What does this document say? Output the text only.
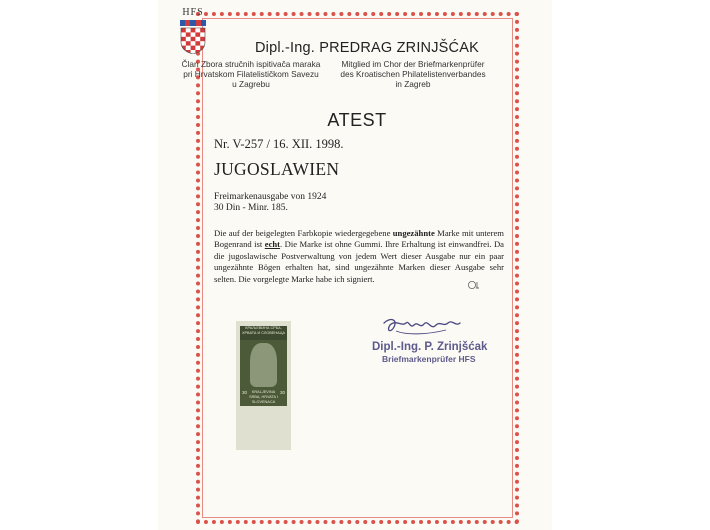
HFS
Dipl.-Ing. PREDRAG ZRINJŠĆAK
Član Zbora stručnih ispitivača maraka
pri Hrvatskom Filatelističkom Savezu
u Zagrebu
Mitglied im Chor der Briefmarkenprüfer
des Kroatischen Philatelistenverbandes
in Zagreb
ATEST
Nr. V-257 / 16. XII. 1998.
JUGOSLAWIEN
Freimarkenausgabe von 1924
30 Din - Minr. 185.
Die auf der beigelegten Farbkopie wiedergegebene ungezähnte Marke mit unterem Bogenrand ist echt. Die Marke ist ohne Gummi. Ihre Erhaltung ist einwandfrei. Da die jugoslawische Postverwaltung von jedem Wert dieser Ausgabe nur ein paar ungezähnte Bögen erhalten hat, sind ungezähnte Marken dieser Ausgabe sehr selten. Die vorgelegte Marke habe ich signiert.
КРАЉЕВИНА СРБА, ХРВАТА И СЛОВЕНАЦА
30	30
KRALJEVINA
SRBA, HRVATA I SLOVENACA
Dipl.-Ing. P. Zrinjšćak
Briefmarkenprüfer HFS
